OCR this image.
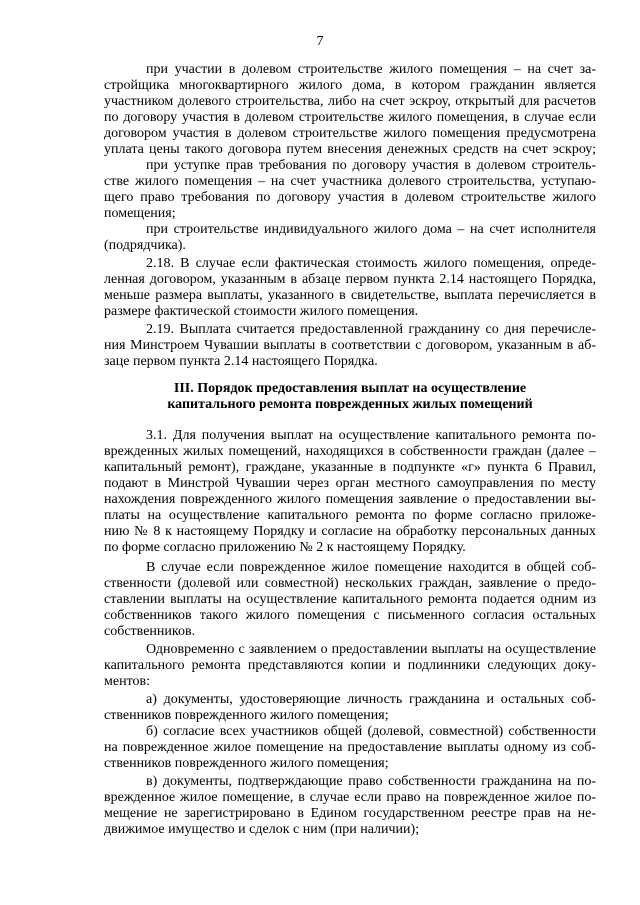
7
при участии в долевом строительстве жилого помещения – на счет за-
стройщика многоквартирного жилого дома, в котором гражданин является
участником долевого строительства, либо на счет эскроу, открытый для расчетов
по договору участия в долевом строительстве жилого помещения, в случае если
договором участия в долевом строительстве жилого помещения предусмотрена
уплата цены такого договора путем внесения денежных средств на счет эскроу;
при уступке прав требования по договору участия в долевом строитель-
стве жилого помещения – на счет участника долевого строительства, уступаю-
щего право требования по договору участия в долевом строительстве жилого
помещения;
при строительстве индивидуального жилого дома – на счет исполнителя
(подрядчика).
2.18. В случае если фактическая стоимость жилого помещения, опреде-
ленная договором, указанным в абзаце первом пункта 2.14 настоящего Порядка,
меньше размера выплаты, указанного в свидетельстве, выплата перечисляется в
размере фактической стоимости жилого помещения.
2.19. Выплата считается предоставленной гражданину со дня перечисле-
ния Минстроем Чувашии выплаты в соответствии с договором, указанным в аб-
заце первом пункта 2.14 настоящего Порядка.
III. Порядок предоставления выплат на осуществление
капитального ремонта поврежденных жилых помещений
3.1. Для получения выплат на осуществление капитального ремонта по-
врежденных жилых помещений, находящихся в собственности граждан (далее –
капитальный ремонт), граждане, указанные в подпункте «г» пункта 6 Правил,
подают в Минстрой Чувашии через орган местного самоуправления по месту
нахождения поврежденного жилого помещения заявление о предоставлении вы-
платы на осуществление капитального ремонта по форме согласно приложе-
нию № 8 к настоящему Порядку и согласие на обработку персональных данных
по форме согласно приложению № 2 к настоящему Порядку.
В случае если поврежденное жилое помещение находится в общей соб-
ственности (долевой или совместной) нескольких граждан, заявление о предо-
ставлении выплаты на осуществление капитального ремонта подается одним из
собственников такого жилого помещения с письменного согласия остальных
собственников.
Одновременно с заявлением о предоставлении выплаты на осуществление
капитального ремонта представляются копии и подлинники следующих доку-
ментов:
а) документы, удостоверяющие личность гражданина и остальных соб-
ственников поврежденного жилого помещения;
б) согласие всех участников общей (долевой, совместной) собственности
на поврежденное жилое помещение на предоставление выплаты одному из соб-
ственников поврежденного жилого помещения;
в) документы, подтверждающие право собственности гражданина на по-
врежденное жилое помещение, в случае если право на поврежденное жилое по-
мещение не зарегистрировано в Едином государственном реестре прав на не-
движимое имущество и сделок с ним (при наличии);
